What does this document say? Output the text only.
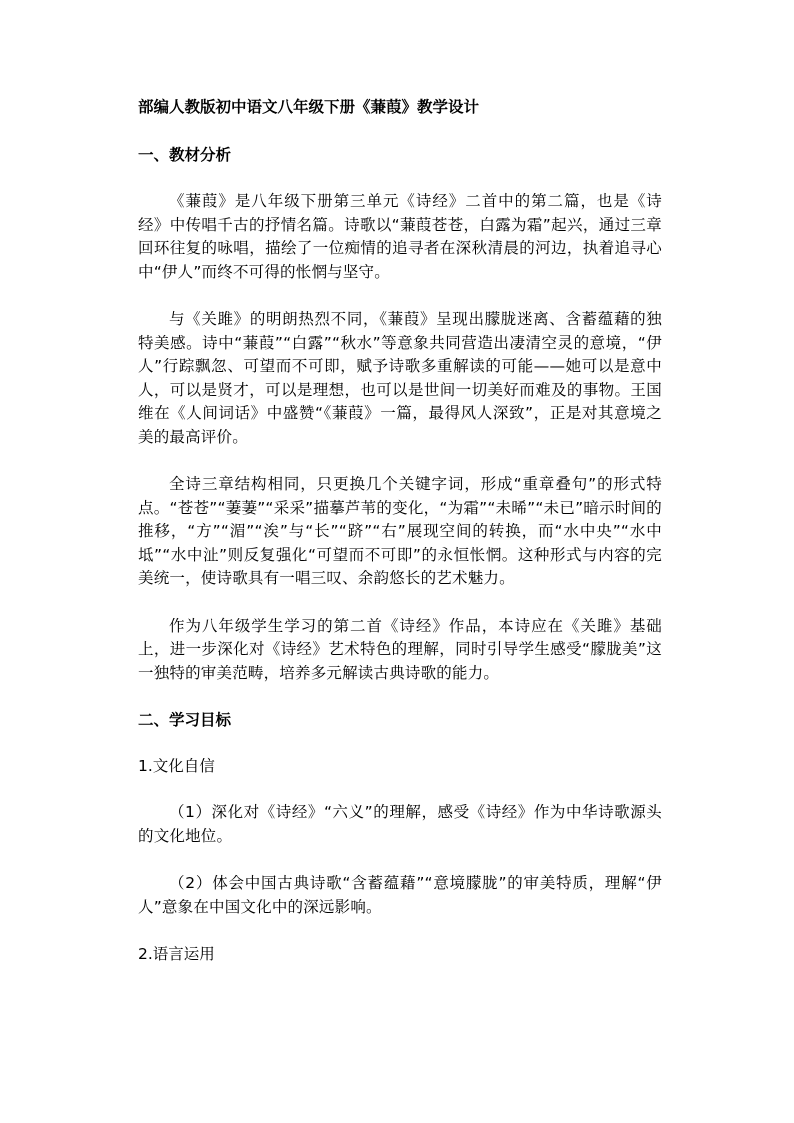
部编人教版初中语文八年级下册《蒹葭》教学设计
一、教材分析

《蒹葭》是八年级下册第三单元《诗经》二首中的第二篇，也是《诗经》中传唱千古的抒情名篇。诗歌以“蒹葭苍苍，白露为霜”起兴，通过三章回环往复的咏唱，描绘了一位痴情的追寻者在深秋清晨的河边，执着追寻心中“伊人”而终不可得的怅惘与坚守。

与《关雎》的明朗热烈不同，《蒹葭》呈现出朦胧迷离、含蓄蕴藉的独特美感。诗中“蒹葭”“白露”“秋水”等意象共同营造出凄清空灵的意境，“伊人”行踪飘忽、可望而不可即，赋予诗歌多重解读的可能——她可以是意中人，可以是贤才，可以是理想，也可以是世间一切美好而难及的事物。王国维在《人间词话》中盛赞“《蒹葭》一篇，最得风人深致”，正是对其意境之美的最高评价。

全诗三章结构相同，只更换几个关键字词，形成“重章叠句”的形式特点。“苍苍”“萋萋”“采采”描摹芦苇的变化，“为霜”“未晞”“未已”暗示时间的推移，“方”“湄”“涘”与“长”“跻”“右”展现空间的转换，而“水中央”“水中坻”“水中沚”则反复强化“可望而不可即”的永恒怅惘。这种形式与内容的完美统一，使诗歌具有一唱三叹、余韵悠长的艺术魅力。

作为八年级学生学习的第二首《诗经》作品，本诗应在《关雎》基础上，进一步深化对《诗经》艺术特色的理解，同时引导学生感受“朦胧美”这一独特的审美范畴，培养多元解读古典诗歌的能力。

二、学习目标
1.文化自信

（1）深化对《诗经》“六义”的理解，感受《诗经》作为中华诗歌源头的文化地位。

（2）体会中国古典诗歌“含蓄蕴藉”“意境朦胧”的审美特质，理解“伊人”意象在中国文化中的深远影响。

2.语言运用
